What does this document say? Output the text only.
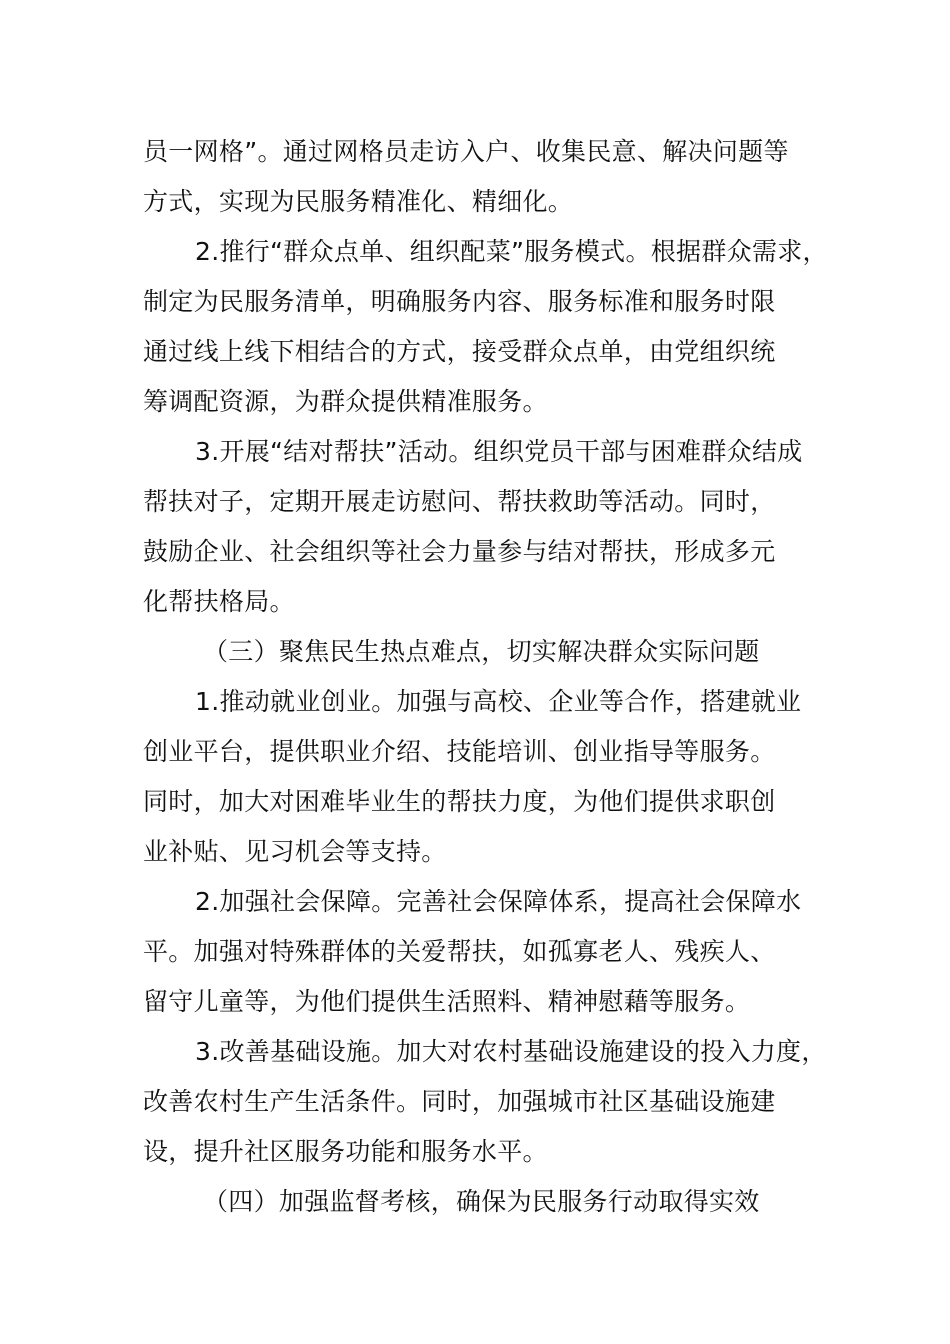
员一网格”。通过网格员走访入户、收集民意、解决问题等
方式，实现为民服务精准化、精细化。
2.推行“群众点单、组织配菜”服务模式。根据群众需求，
制定为民服务清单，明确服务内容、服务标准和服务时限
通过线上线下相结合的方式，接受群众点单，由党组织统
筹调配资源，为群众提供精准服务。
3.开展“结对帮扶”活动。组织党员干部与困难群众结成
帮扶对子，定期开展走访慰问、帮扶救助等活动。同时，
鼓励企业、社会组织等社会力量参与结对帮扶，形成多元
化帮扶格局。
（三）聚焦民生热点难点，切实解决群众实际问题
1.推动就业创业。加强与高校、企业等合作，搭建就业
创业平台，提供职业介绍、技能培训、创业指导等服务。
同时，加大对困难毕业生的帮扶力度，为他们提供求职创
业补贴、见习机会等支持。
2.加强社会保障。完善社会保障体系，提高社会保障水
平。加强对特殊群体的关爱帮扶，如孤寡老人、残疾人、
留守儿童等，为他们提供生活照料、精神慰藉等服务。
3.改善基础设施。加大对农村基础设施建设的投入力度，
改善农村生产生活条件。同时，加强城市社区基础设施建
设，提升社区服务功能和服务水平。
（四）加强监督考核，确保为民服务行动取得实效
